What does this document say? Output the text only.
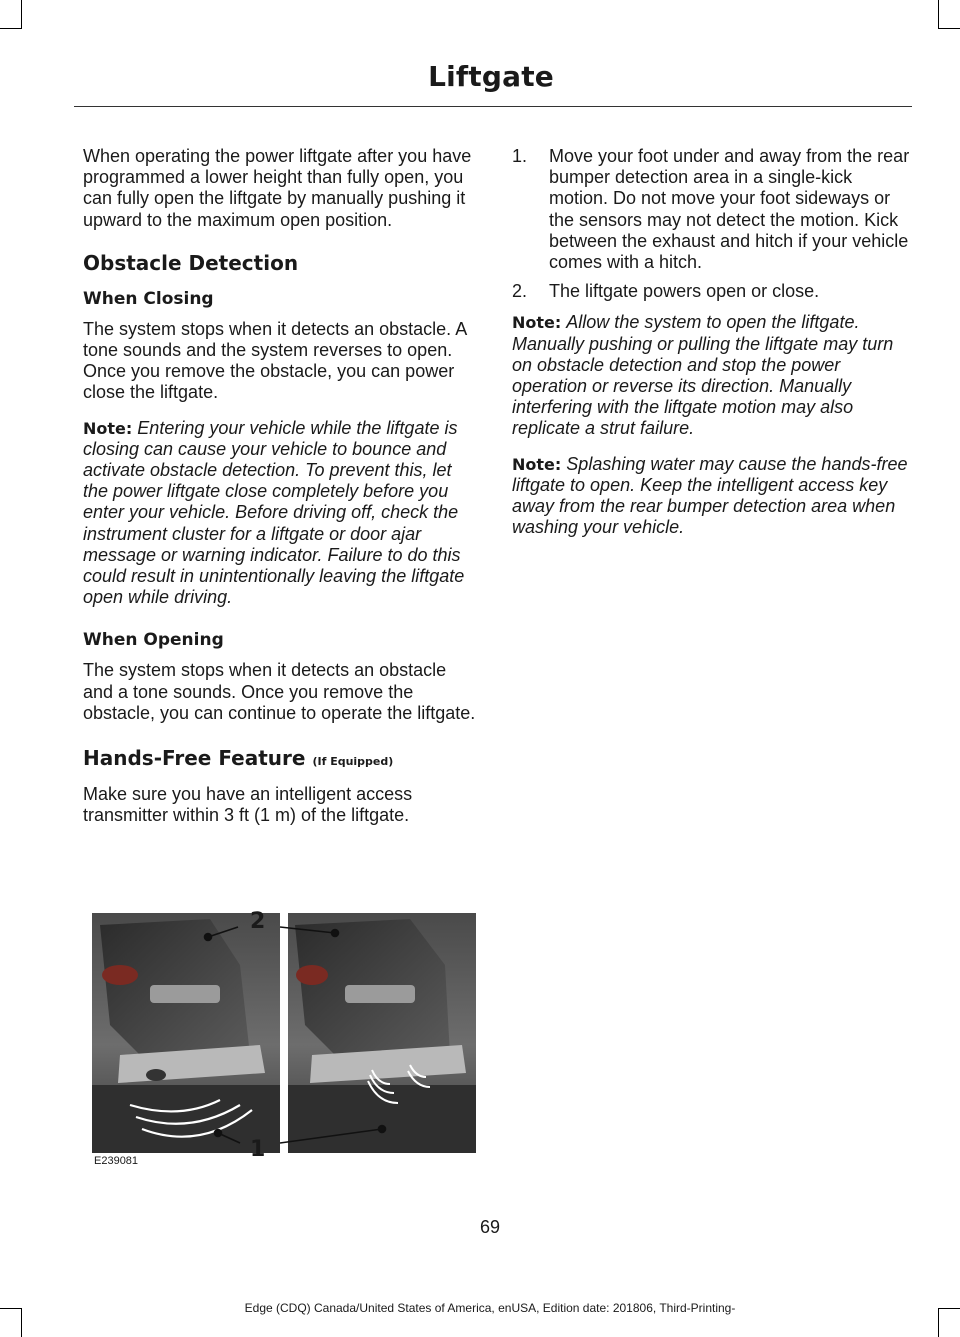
Liftgate

When operating the power liftgate after you have programmed a lower height than fully open, you can fully open the liftgate by manually pushing it upward to the maximum open position.

Obstacle Detection
When Closing

The system stops when it detects an obstacle. A tone sounds and the system reverses to open. Once you remove the obstacle, you can power close the liftgate.

Note: Entering your vehicle while the liftgate is closing can cause your vehicle to bounce and activate obstacle detection. To prevent this, let the power liftgate close completely before you enter your vehicle. Before driving off, check the instrument cluster for a liftgate or door ajar message or warning indicator. Failure to do this could result in unintentionally leaving the liftgate open while driving.

When Opening

The system stops when it detects an obstacle and a tone sounds. Once you remove the obstacle, you can continue to operate the liftgate.

Hands-Free Feature (If Equipped)

Make sure you have an intelligent access transmitter within 3 ft (1 m) of the liftgate.

1. Move your foot under and away from the rear bumper detection area in a single-kick motion. Do not move your foot sideways or the sensors may not detect the motion. Kick between the exhaust and hitch if your vehicle comes with a hitch.
2. The liftgate powers open or close.

Note: Allow the system to open the liftgate. Manually pushing or pulling the liftgate may turn on obstacle detection and stop the power operation or reverse its direction. Manually interfering with the liftgate motion may also replicate a strut failure.

Note: Splashing water may cause the hands-free liftgate to open. Keep the intelligent access key away from the rear bumper detection area when washing your vehicle.

2
1
E239081
69
Edge (CDQ) Canada/United States of America, enUSA, Edition date: 201806, Third-Printing-
